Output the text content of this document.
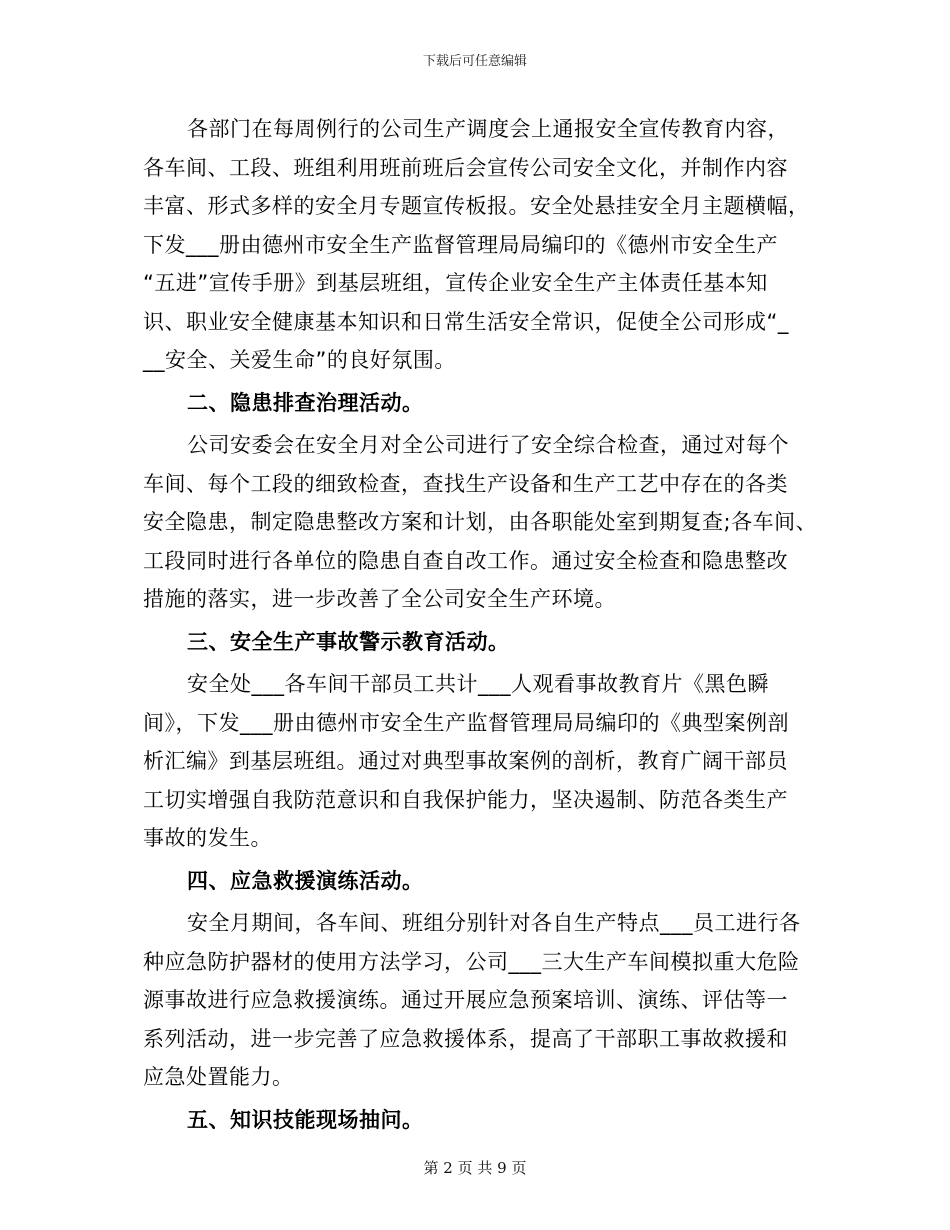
下载后可任意编辑
各部门在每周例行的公司生产调度会上通报安全宣传教育内容，
各车间、工段、班组利用班前班后会宣传公司安全文化，并制作内容
丰富、形式多样的安全月专题宣传板报。安全处悬挂安全月主题横幅，
下发___册由德州市安全生产监督管理局局编印的《德州市安全生产
“五进”宣传手册》到基层班组，宣传企业安全生产主体责任基本知
识、职业安全健康基本知识和日常生活安全常识，促使全公司形成“_
__安全、关爱生命”的良好氛围。
二、隐患排查治理活动。
公司安委会在安全月对全公司进行了安全综合检查，通过对每个
车间、每个工段的细致检查，查找生产设备和生产工艺中存在的各类
安全隐患，制定隐患整改方案和计划，由各职能处室到期复查;各车间、
工段同时进行各单位的隐患自查自改工作。通过安全检查和隐患整改
措施的落实，进一步改善了全公司安全生产环境。
三、安全生产事故警示教育活动。
安全处___各车间干部员工共计___人观看事故教育片《黑色瞬
间》，下发___册由德州市安全生产监督管理局局编印的《典型案例剖
析汇编》到基层班组。通过对典型事故案例的剖析，教育广阔干部员
工切实增强自我防范意识和自我保护能力，坚决遏制、防范各类生产
事故的发生。
四、应急救援演练活动。
安全月期间，各车间、班组分别针对各自生产特点___员工进行各
种应急防护器材的使用方法学习，公司___三大生产车间模拟重大危险
源事故进行应急救援演练。通过开展应急预案培训、演练、评估等一
系列活动，进一步完善了应急救援体系，提高了干部职工事故救援和
应急处置能力。
五、知识技能现场抽问。
第 2 页 共 9 页
